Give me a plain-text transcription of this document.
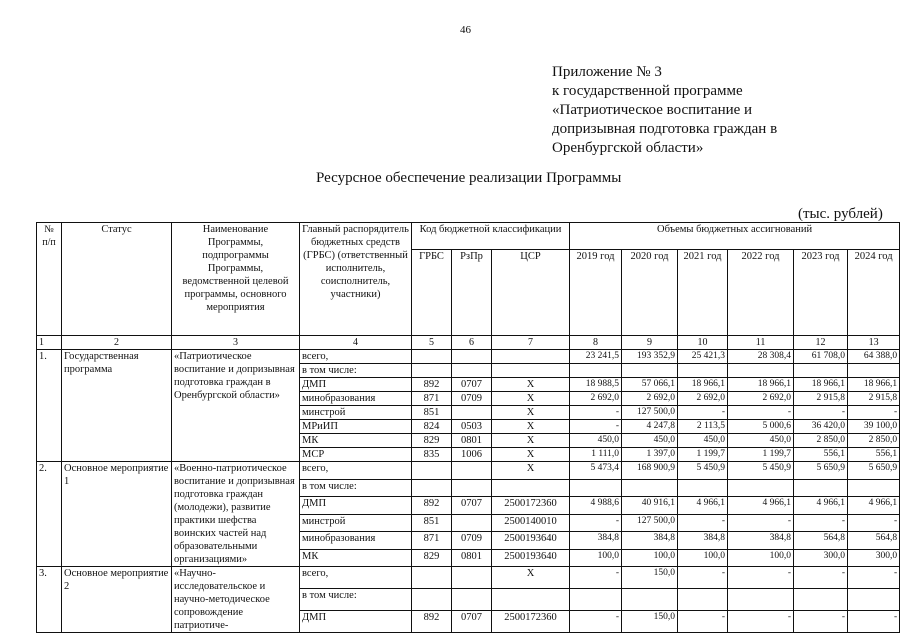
46
Приложение № 3
к государственной программе
«Патриотическое воспитание и
допризывная подготовка граждан в
Оренбургской области»
Ресурсное обеспечение реализации Программы
(тыс. рублей)
№ п/п	Статус	Наименование Программы, подпрограммы Программы, ведомственной целевой программы, основного мероприятия	Главный распорядитель бюджетных средств (ГРБС) (ответственный исполнитель, соисполнитель, участники)	Код бюджетной классификации			Объемы бюджетных ассигнований					
				ГРБС	РзПр	ЦСР	2019 год	2020 год	2021 год	2022 год	2023 год	2024 год
1	2	3	4	5	6	7	8	9	10	11	12	13
1.	Государственная программа	«Патриотическое воспитание и допризывная подготовка граждан в Оренбургской области»	всего,				23 241,5	193 352,9	25 421,3	28 308,4	61 708,0	64 388,0
			в том числе:									
			ДМП	892	0707	Х	18 988,5	57 066,1	18 966,1	18 966,1	18 966,1	18 966,1
			минобразования	871	0709	Х	2 692,0	2 692,0	2 692,0	2 692,0	2 915,8	2 915,8
			минстрой	851		Х	-	127 500,0	-	-	-	-
			МРиИП	824	0503	Х	-	4 247,8	2 113,5	5 000,6	36 420,0	39 100,0
			МК	829	0801	Х	450,0	450,0	450,0	450,0	2 850,0	2 850,0
			МСР	835	1006	Х	1 111,0	1 397,0	1 199,7	1 199,7	556,1	556,1
2.	Основное мероприятие 1	«Военно-патриотическое воспитание и допризывная подготовка граждан (молодежи), развитие практики шефства воинских частей над образовательными организациями»	всего,			Х	5 473,4	168 900,9	5 450,9	5 450,9	5 650,9	5 650,9
			в том числе:									
			ДМП	892	0707	2500172360	4 988,6	40 916,1	4 966,1	4 966,1	4 966,1	4 966,1
			минстрой	851		2500140010	-	127 500,0	-	-	-	-
			минобразования	871	0709	2500193640	384,8	384,8	384,8	384,8	564,8	564,8
			МК	829	0801	2500193640	100,0	100,0	100,0	100,0	300,0	300,0
3.	Основное мероприятие 2	«Научно-исследовательское и научно-методическое сопровождение патриотиче-	всего,			Х	-	150,0	-	-	-	-
			в том числе:									
			ДМП	892	0707	2500172360	-	150,0	-	-	-	-
